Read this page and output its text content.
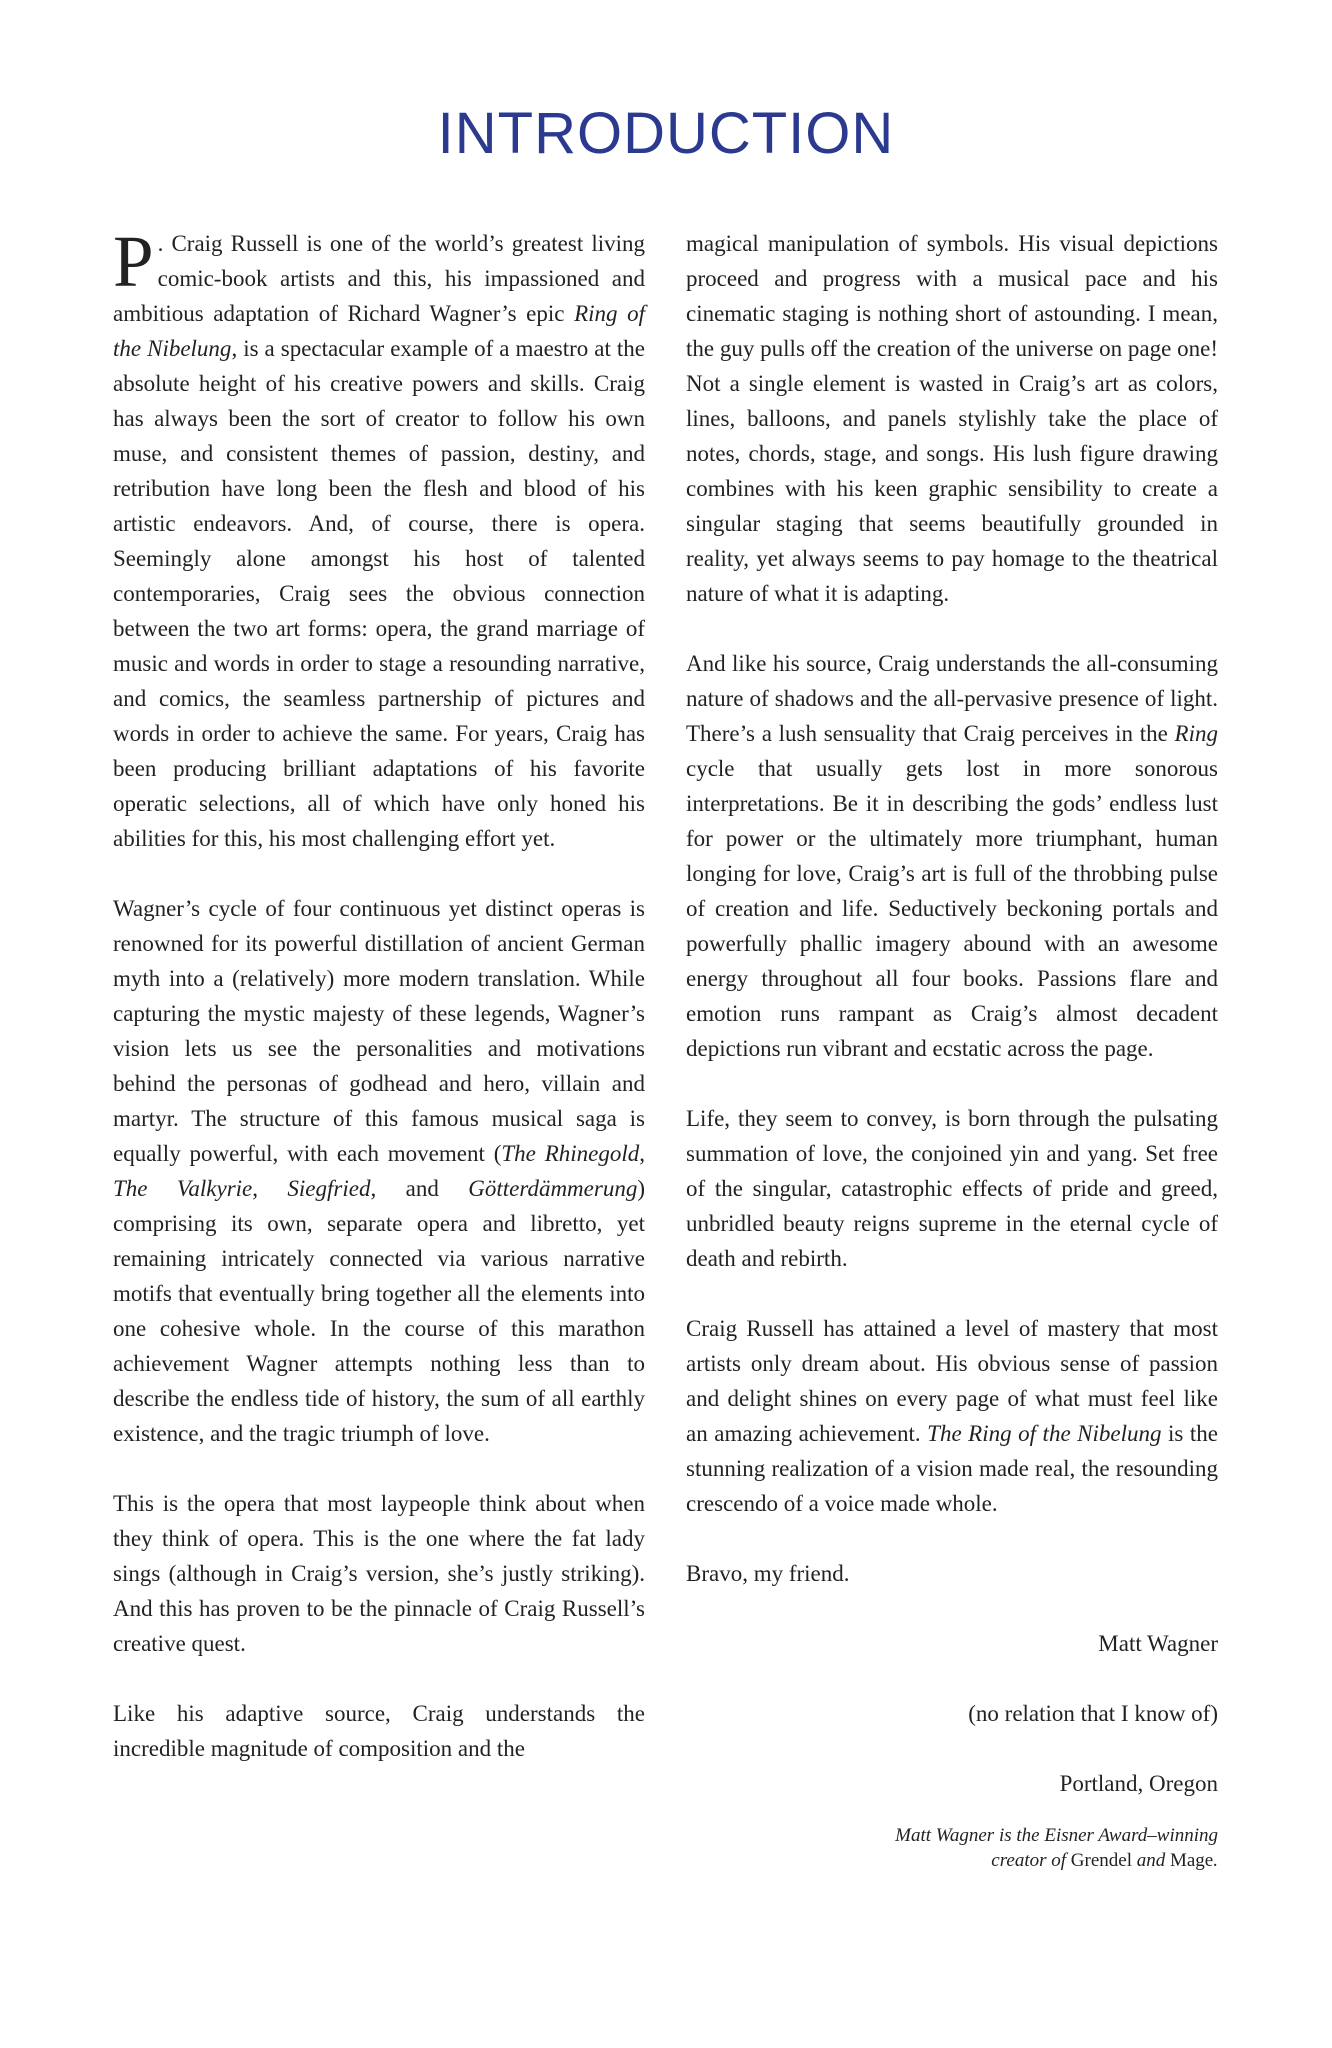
INTRODUCTION

P . Craig Russell is one of the world’s greatest living comic-book artists and this, his impassioned and ambitious adaptation of Richard Wagner’s epic Ring of the Nibelung, is a spectacular example of a maestro at the absolute height of his creative powers and skills. Craig has always been the sort of creator to follow his own muse, and consistent themes of passion, destiny, and retribution have long been the flesh and blood of his artistic endeavors. And, of course, there is opera. Seemingly alone amongst his host of talented contemporaries, Craig sees the obvious connection between the two art forms: opera, the grand marriage of music and words in order to stage a resounding narrative, and comics, the seamless partnership of pictures and words in order to achieve the same. For years, Craig has been producing brilliant adaptations of his favorite operatic selections, all of which have only honed his abilities for this, his most challenging effort yet.

Wagner’s cycle of four continuous yet distinct operas is renowned for its powerful distillation of ancient German myth into a (relatively) more modern translation. While capturing the mystic majesty of these legends, Wagner’s vision lets us see the personalities and motivations behind the personas of godhead and hero, villain and martyr. The structure of this famous musical saga is equally powerful, with each movement (The Rhinegold, The Valkyrie, Siegfried, and Götterdämmerung) comprising its own, separate opera and libretto, yet remaining intricately connected via various narrative motifs that eventually bring together all the elements into one cohesive whole. In the course of this marathon achievement Wagner attempts nothing less than to describe the endless tide of history, the sum of all earthly existence, and the tragic triumph of love.

This is the opera that most laypeople think about when they think of opera. This is the one where the fat lady sings (although in Craig’s version, she’s justly striking). And this has proven to be the pinnacle of Craig Russell’s creative quest.

Like his adaptive source, Craig understands the incredible magnitude of composition and the

magical manipulation of symbols. His visual depictions proceed and progress with a musical pace and his cinematic staging is nothing short of astounding. I mean, the guy pulls off the creation of the universe on page one! Not a single element is wasted in Craig’s art as colors, lines, balloons, and panels stylishly take the place of notes, chords, stage, and songs. His lush figure drawing combines with his keen graphic sensibility to create a singular staging that seems beautifully grounded in reality, yet always seems to pay homage to the theatrical nature of what it is adapting.

And like his source, Craig understands the all-consuming nature of shadows and the all-pervasive presence of light. There’s a lush sensuality that Craig perceives in the Ring cycle that usually gets lost in more sonorous interpretations. Be it in describing the gods’ endless lust for power or the ultimately more triumphant, human longing for love, Craig’s art is full of the throbbing pulse of creation and life. Seductively beckoning portals and powerfully phallic imagery abound with an awesome energy throughout all four books. Passions flare and emotion runs rampant as Craig’s almost decadent depictions run vibrant and ecstatic across the page.

Life, they seem to convey, is born through the pulsating summation of love, the conjoined yin and yang. Set free of the singular, catastrophic effects of pride and greed, unbridled beauty reigns supreme in the eternal cycle of death and rebirth.

Craig Russell has attained a level of mastery that most artists only dream about. His obvious sense of passion and delight shines on every page of what must feel like an amazing achievement. The Ring of the Nibelung is the stunning realization of a vision made real, the resounding crescendo of a voice made whole.

Bravo, my friend.

Matt Wagner

(no relation that I know of)

Portland, Oregon

Matt Wagner is the Eisner Award–winning
creator of Grendel and Mage.
